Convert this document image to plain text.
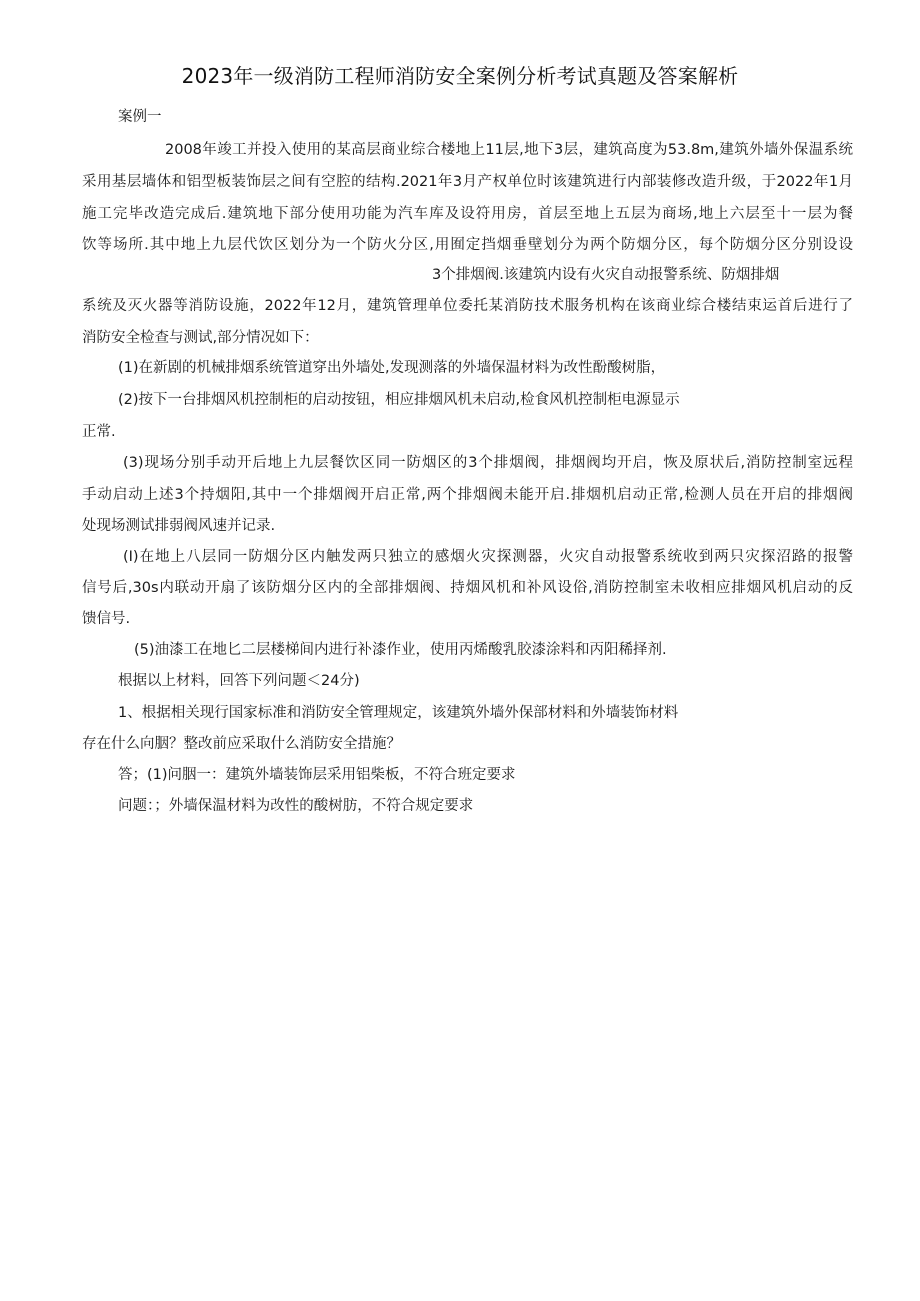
2023年一级消防工程师消防安全案例分析考试真题及答案解析
案例一
2008年竣工并投入使用的某高层商业综合楼地上11层,地下3层，建筑高度为53.8m,建筑外墙外保温系统
采用基层墙体和铝型板装饰层之间有空腔的结构.2021年3月产权单位时该建筑进行内部装修改造升级，于2022年1月
施工完毕改造完成后.建筑地下部分使用功能为汽车库及设符用房，首层至地上五层为商场,地上六层至十一层为餐
饮等场所.其中地上九层代饮区划分为一个防火分区,用囿定挡烟垂壁划分为两个防烟分区，每个防烟分区分别设设
3个排烟阀.该建筑内设有火灾自动报警系统、防烟排烟
系统及灭火器等消防设施，2022年12月，建筑管理单位委托某消防技术服务机构在该商业综合楼结束运首后进行了
消防安全检查与测试,部分情况如下：
(1)在新剧的机械排烟系统管道穿出外墙处,发现测落的外墙保温材料为改性酚酸树脂，
(2)按下一台排烟风机控制柜的启动按钮，相应排烟风机未启动,检食风机控制柜电源显示
正常.
(3)现场分别手动开后地上九层餐饮区同一防烟区的3个排烟阀，排烟阀均开启，恢及原状后,消防控制室远程
手动启动上述3个持烟阳,其中一个排烟阀开启正常,两个排烟阀未能开启.排烟机启动正常,检测人员在开启的排烟阀
处现场测试排弱阀风速并记录.
(I)在地上八层同一防烟分区内触发两只独立的感烟火灾探测器，火灾自动报警系统收到两只灾探沼路的报警
信号后,30s内联动开扇了该防烟分区内的全部排烟阀、持烟风机和补风设俗,消防控制室未收相应排烟风机启动的反
馈信号.
(5)油漆工在地匕二层楼梯间内进行补漆作业，使用丙烯酸乳胶漆涂料和丙阳稀择剂.
根据以上材料，回答下列问题＜24分)
1、根据相关现行国家标准和消防安全管理规定，该建筑外墙外保部材料和外墙装饰材料
存在什么向胭？整改前应采取什么消防安全措施？
答；(1)问胭一：建筑外墙装饰层采用铝柴板，不符合班定要求
问题：；外墙保温材料为改性的酸树肪，不符合规定要求
